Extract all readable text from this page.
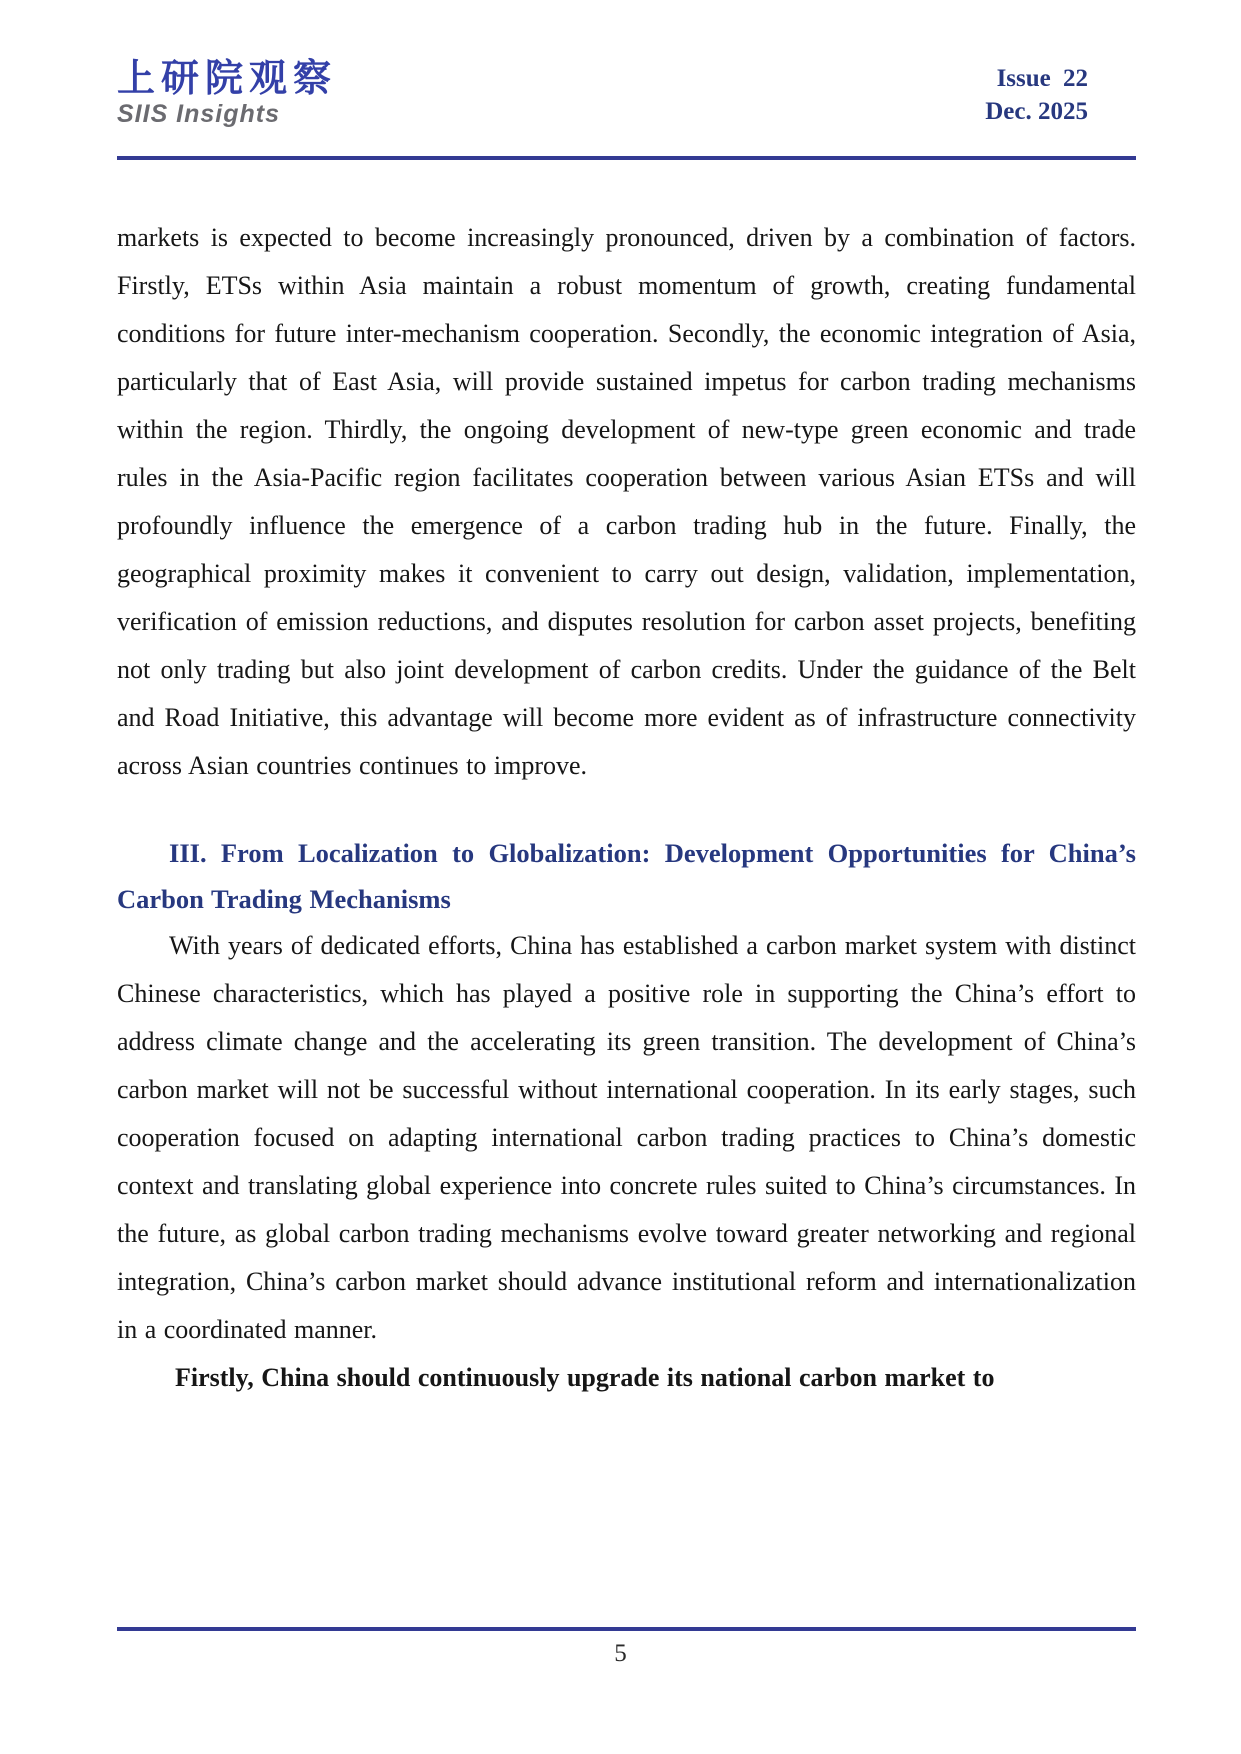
上研院观察
SIIS Insights
Issue 22
Dec. 2025

markets is expected to become increasingly pronounced, driven by a combination of factors. Firstly, ETSs within Asia maintain a robust momentum of growth, creating fundamental conditions for future inter-mechanism cooperation. Secondly, the economic integration of Asia, particularly that of East Asia, will provide sustained impetus for carbon trading mechanisms within the region. Thirdly, the ongoing development of new-type green economic and trade rules in the Asia-Pacific region facilitates cooperation between various Asian ETSs and will profoundly influence the emergence of a carbon trading hub in the future. Finally, the geographical proximity makes it convenient to carry out design, validation, implementation, verification of emission reductions, and disputes resolution for carbon asset projects, benefiting not only trading but also joint development of carbon credits. Under the guidance of the Belt and Road Initiative, this advantage will become more evident as of infrastructure connectivity across Asian countries continues to improve.

III. From Localization to Globalization: Development Opportunities for China’s Carbon Trading Mechanisms

With years of dedicated efforts, China has established a carbon market system with distinct Chinese characteristics, which has played a positive role in supporting the China’s effort to address climate change and the accelerating its green transition. The development of China’s carbon market will not be successful without international cooperation. In its early stages, such cooperation focused on adapting international carbon trading practices to China’s domestic context and translating global experience into concrete rules suited to China’s circumstances. In the future, as global carbon trading mechanisms evolve toward greater networking and regional integration, China’s carbon market should advance institutional reform and internationalization in a coordinated manner.

Firstly, China should continuously upgrade its national carbon market to

5
